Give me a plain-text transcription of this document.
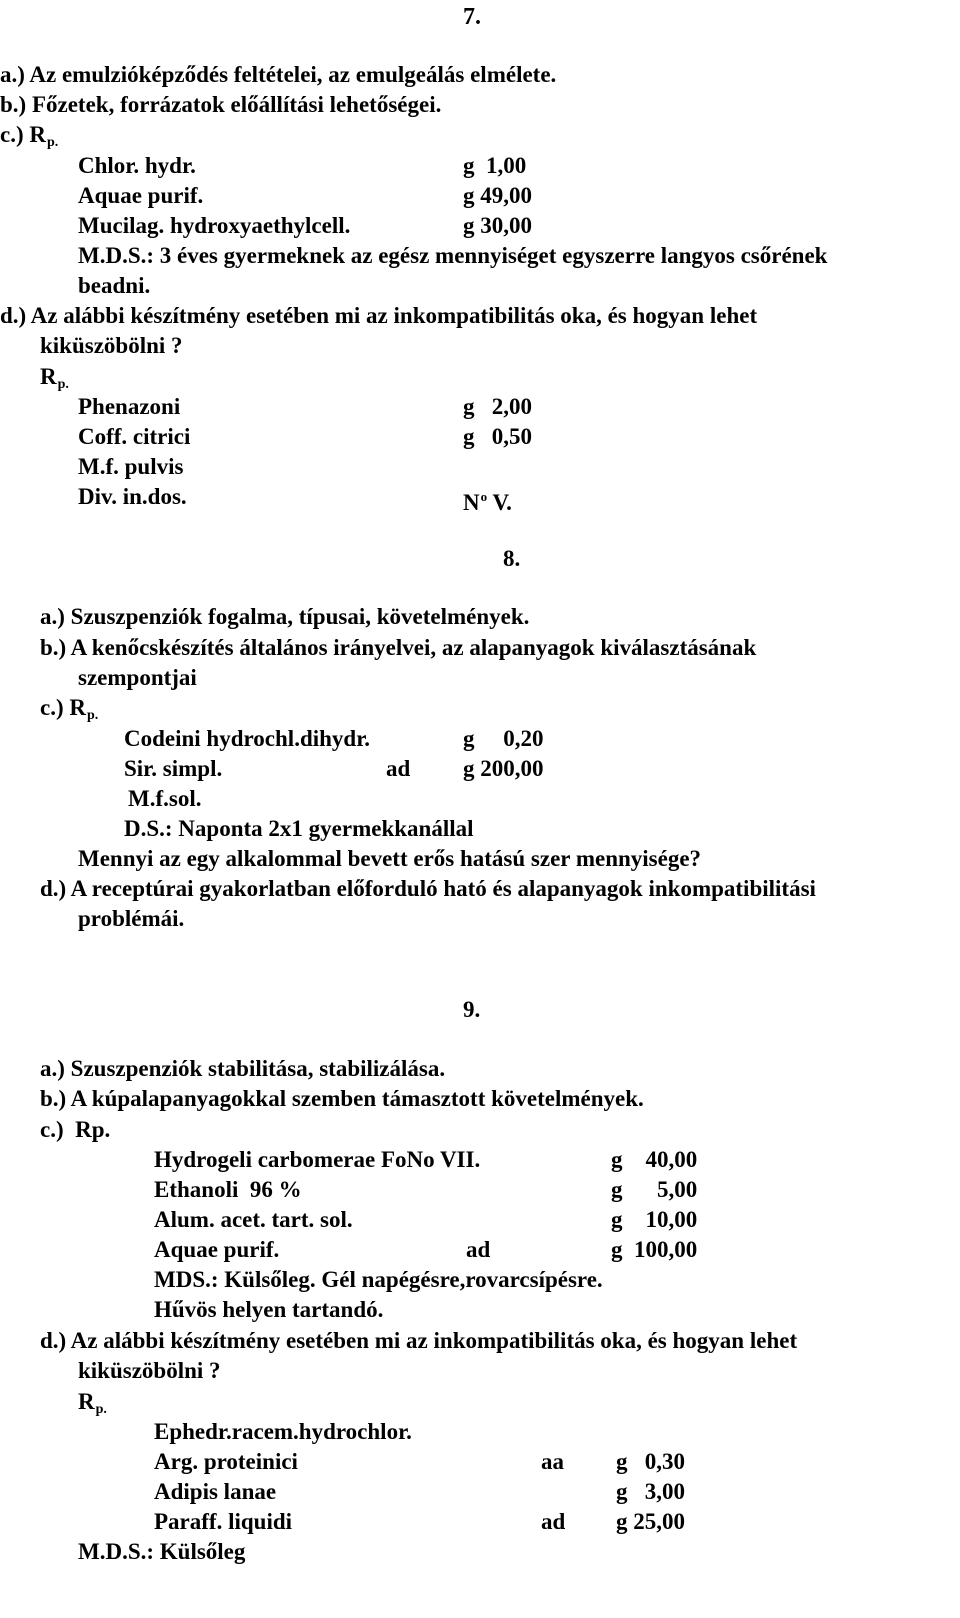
7.
a.) Az emulzióképződés feltételei, az emulgeálás elmélete.
b.) Főzetek, forrázatok előállítási lehetőségei.
c.) $R_{p.}$
Chlor. hydr.	g  1,00
Aquae purif.	g 49,00
Mucilag. hydroxyaethylcell.	g 30,00
M.D.S.: 3 éves gyermeknek az egész mennyiséget egyszerre langyos csőrének
beadni.
d.) Az alábbi készítmény esetében mi az inkompatibilitás oka, és hogyan lehet
kiküszöbölni ?
$R_{p.}$
Phenazoni	g   2,00
Coff. citrici	g   0,50
M.f. pulvis
Div. in.dos.	$N^o$ V.
8.
a.) Szuszpenziók fogalma, típusai, követelmények.
b.) A kenőcskészítés általános irányelvei, az alapanyagok kiválasztásának
szempontjai
c.) $R_{p.}$
Codeini hydrochl.dihydr.	g     0,20
Sir. simpl.	ad g 200,00
M.f.sol.
D.S.: Naponta 2x1 gyermekkanállal
Mennyi az egy alkalommal bevett erős hatású szer mennyisége?
d.) A receptúrai gyakorlatban előforduló ható és alapanyagok inkompatibilitási
problémái.
9.
a.) Szuszpenziók stabilitása, stabilizálása.
b.) A kúpalapanyagokkal szemben támasztott követelmények.
c.)  Rp.
Hydrogeli carbomerae FoNo VII.	g    40,00
Ethanoli  96 %	g      5,00
Alum. acet. tart. sol.	g    10,00
Aquae purif.	ad	g  100,00
MDS.: Külsőleg. Gél napégésre,rovarcsípésre.
Hűvös helyen tartandó.
d.) Az alábbi készítmény esetében mi az inkompatibilitás oka, és hogyan lehet
kiküszöbölni ?
$R_{p.}$
Ephedr.racem.hydrochlor.
Arg. proteinici	aa g   0,30
Adipis lanae	g   3,00
Paraff. liquidi	ad g 25,00
M.D.S.: Külsőleg
